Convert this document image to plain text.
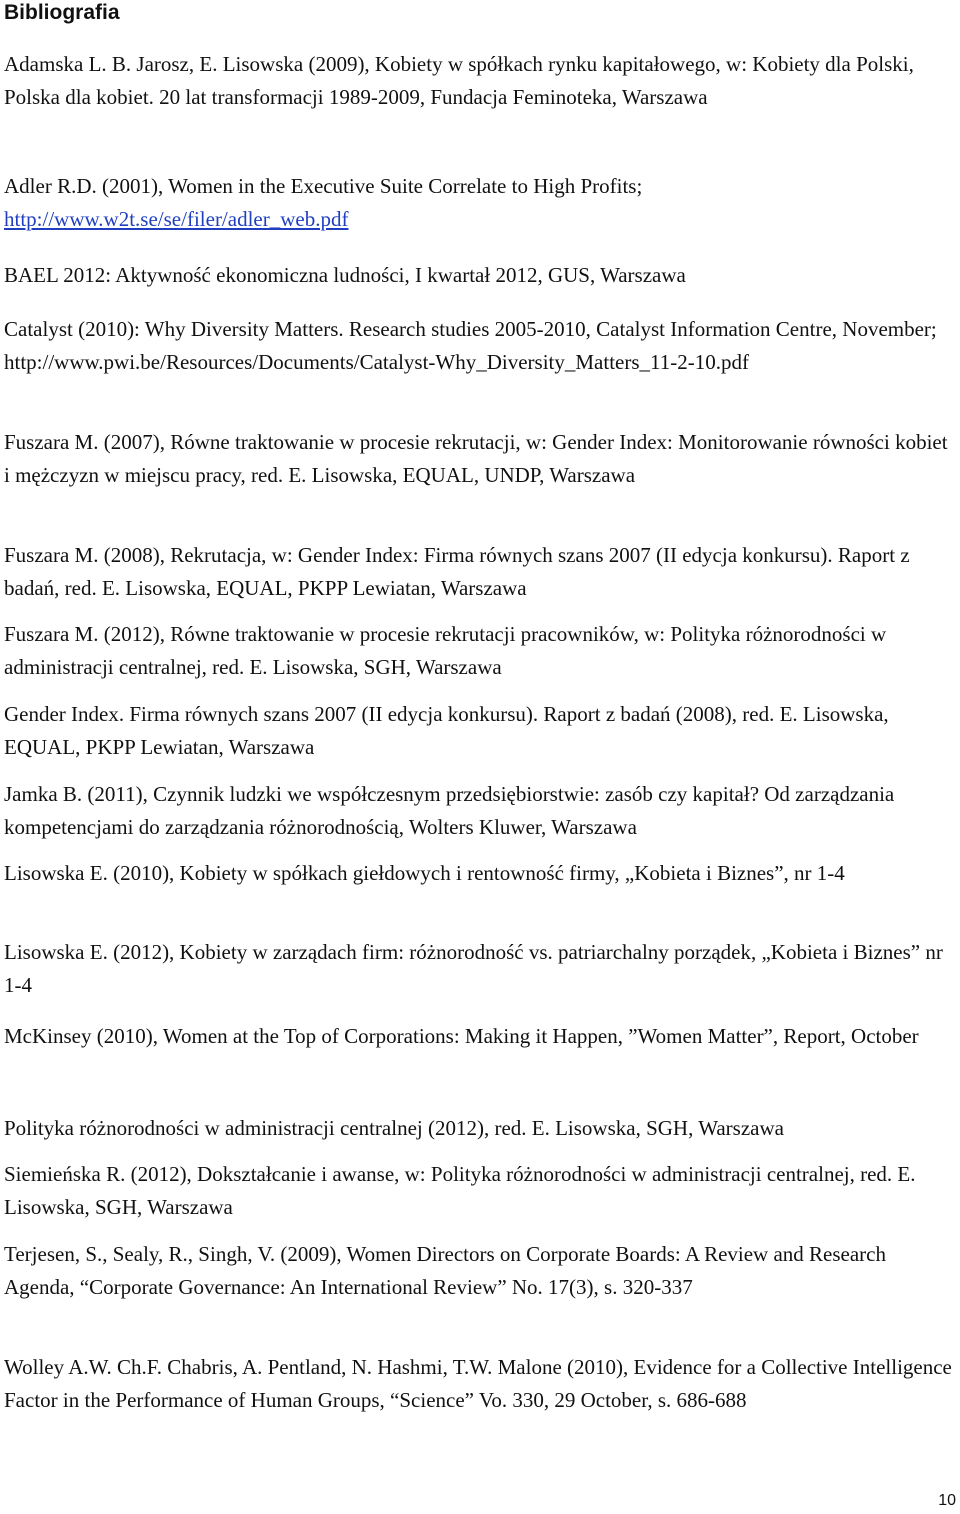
Bibliografia

Adamska L. B. Jarosz, E. Lisowska (2009), Kobiety w spółkach rynku kapitałowego, w: Kobiety dla Polski, Polska dla kobiet. 20 lat transformacji 1989-2009, Fundacja Feminoteka, Warszawa

Adler R.D. (2001), Women in the Executive Suite Correlate to High Profits; http://www.w2t.se/se/filer/adler_web.pdf

BAEL 2012: Aktywność ekonomiczna ludności, I kwartał 2012, GUS, Warszawa

Catalyst (2010): Why Diversity Matters. Research studies 2005-2010, Catalyst Information Centre, November; http://www.pwi.be/Resources/Documents/Catalyst-Why_Diversity_Matters_11-2-10.pdf

Fuszara M. (2007), Równe traktowanie w procesie rekrutacji, w: Gender Index: Monitorowanie równości kobiet i mężczyzn w miejscu pracy, red. E. Lisowska, EQUAL, UNDP, Warszawa

Fuszara M. (2008), Rekrutacja, w: Gender Index: Firma równych szans 2007 (II edycja konkursu). Raport z badań, red. E. Lisowska, EQUAL, PKPP Lewiatan, Warszawa

Fuszara M. (2012), Równe traktowanie w procesie rekrutacji pracowników, w: Polityka różnorodności w administracji centralnej, red. E. Lisowska, SGH, Warszawa

Gender Index. Firma równych szans 2007 (II edycja konkursu). Raport z badań (2008), red. E. Lisowska, EQUAL, PKPP Lewiatan, Warszawa

Jamka B. (2011), Czynnik ludzki we współczesnym przedsiębiorstwie: zasób czy kapitał? Od zarządzania kompetencjami do zarządzania różnorodnością, Wolters Kluwer, Warszawa

Lisowska E. (2010), Kobiety w spółkach giełdowych i rentowność firmy, „Kobieta i Biznes”, nr 1-4

Lisowska E. (2012), Kobiety w zarządach firm: różnorodność vs. patriarchalny porządek, „Kobieta i Biznes” nr 1-4

McKinsey (2010), Women at the Top of Corporations: Making it Happen, ”Women Matter”, Report, October

Polityka różnorodności w administracji centralnej (2012), red. E. Lisowska, SGH, Warszawa

Siemieńska R. (2012), Dokształcanie i awanse, w: Polityka różnorodności w administracji centralnej, red. E. Lisowska, SGH, Warszawa

Terjesen, S., Sealy, R., Singh, V. (2009), Women Directors on Corporate Boards: A Review and Research Agenda, “Corporate Governance: An International Review” No. 17(3), s. 320-337

Wolley A.W. Ch.F. Chabris, A. Pentland, N. Hashmi, T.W. Malone (2010), Evidence for a Collective Intelligence Factor in the Performance of Human Groups, “Science” Vo. 330, 29 October, s. 686-688

10
